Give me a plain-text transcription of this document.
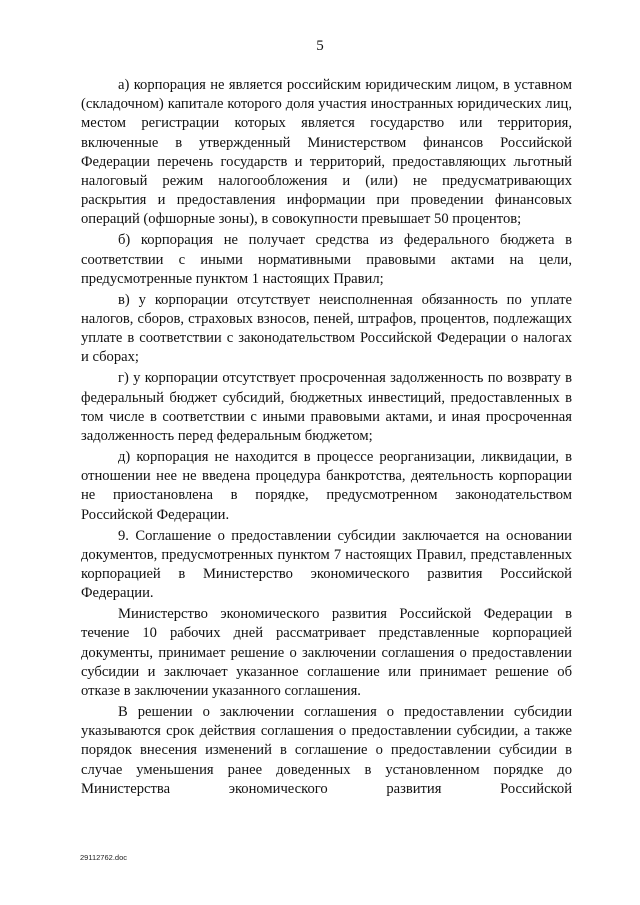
5

а) корпорация не является российским юридическим лицом, в уставном (складочном) капитале которого доля участия иностранных юридических лиц, местом регистрации которых является государство или территория, включенные в утвержденный Министерством финансов Российской Федерации перечень государств и территорий, предоставляющих льготный налоговый режим налогообложения и (или) не предусматривающих раскрытия и предоставления информации при проведении финансовых операций (офшорные зоны), в совокупности превышает 50 процентов;

б) корпорация не получает средства из федерального бюджета в соответствии с иными нормативными правовыми актами на цели, предусмотренные пунктом 1 настоящих Правил;

в) у корпорации отсутствует неисполненная обязанность по уплате налогов, сборов, страховых взносов, пеней, штрафов, процентов, подлежащих уплате в соответствии с законодательством Российской Федерации о налогах и сборах;

г) у корпорации отсутствует просроченная задолженность по возврату в федеральный бюджет субсидий, бюджетных инвестиций, предоставленных в том числе в соответствии с иными правовыми актами, и иная просроченная задолженность перед федеральным бюджетом;

д) корпорация не находится в процессе реорганизации, ликвидации, в отношении нее не введена процедура банкротства, деятельность корпорации не приостановлена в порядке, предусмотренном законодательством Российской Федерации.

9. Соглашение о предоставлении субсидии заключается на основании документов, предусмотренных пунктом 7 настоящих Правил, представленных корпорацией в Министерство экономического развития Российской Федерации.

Министерство экономического развития Российской Федерации в течение 10 рабочих дней рассматривает представленные корпорацией документы, принимает решение о заключении соглашения о предоставлении субсидии и заключает указанное соглашение или принимает решение об отказе в заключении указанного соглашения.

В решении о заключении соглашения о предоставлении субсидии указываются срок действия соглашения о предоставлении субсидии, а также порядок внесения изменений в соглашение о предоставлении субсидии в случае уменьшения ранее доведенных в установленном порядке до Министерства экономического развития Российской

29112762.doc
